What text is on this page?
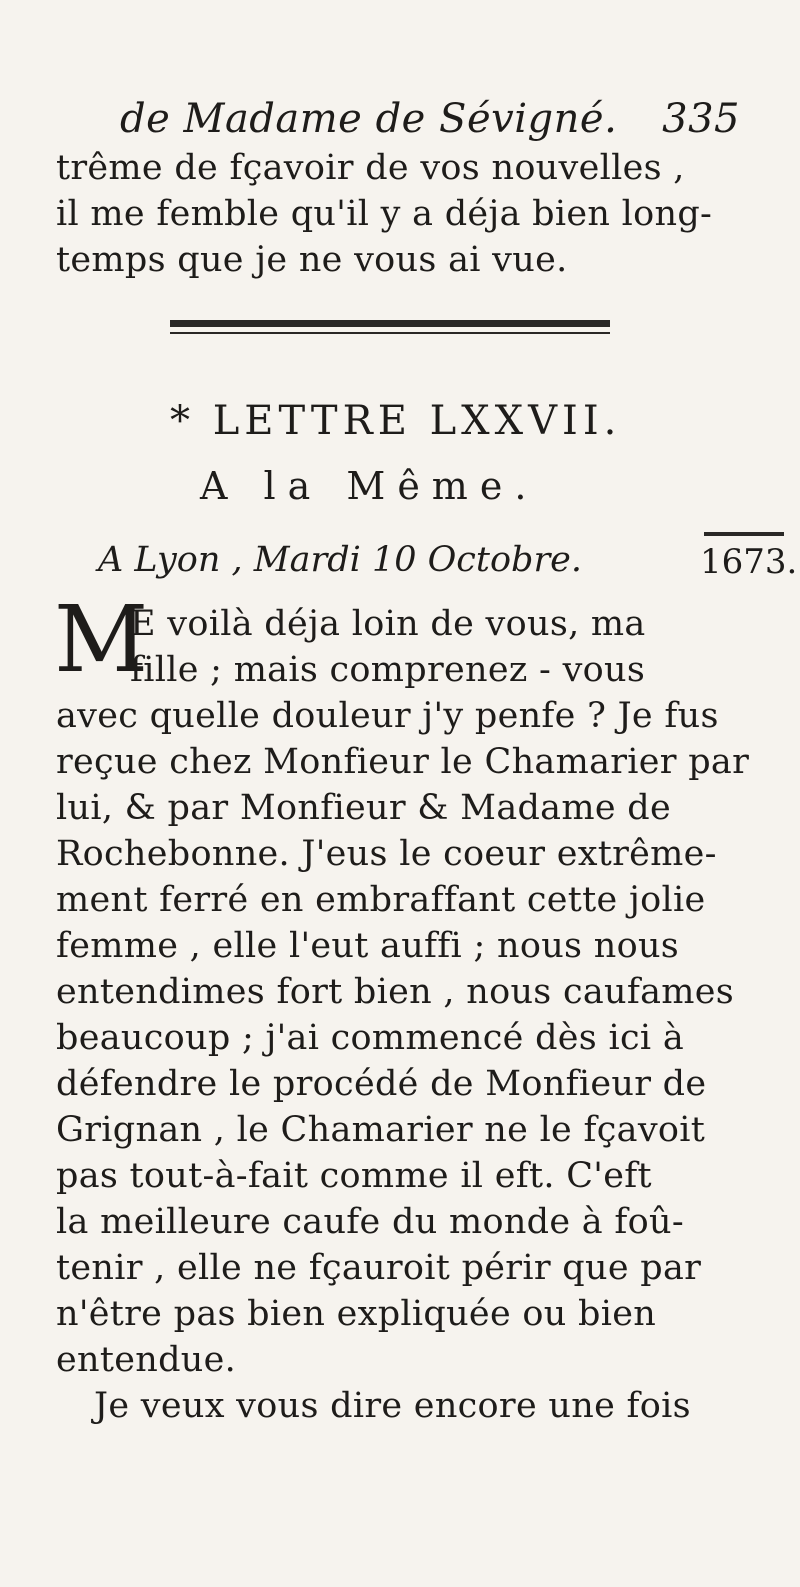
de Madame de Sévigné. 335
trême de fçavoir de vos nouvelles ,
il me femble qu'il y a déja bien long-
temps que je ne vous ai vue.
* LETTRE LXXVII.
A la Même.
A Lyon , Mardi 10 Octobre.	1673.
M
E voilà déja loin de vous, ma
fille ; mais comprenez - vous
avec quelle douleur j'y penfe ? Je fus
reçue chez Monfieur le Chamarier par
lui, & par Monfieur & Madame de
Rochebonne. J'eus le coeur extrême-
ment ferré en embraffant cette jolie
femme , elle l'eut auffi ; nous nous
entendimes fort bien , nous caufames
beaucoup ; j'ai commencé dès ici à
défendre le procédé de Monfieur de
Grignan , le Chamarier ne le fçavoit
pas tout-à-fait comme il eft. C'eft
la meilleure caufe du monde à foû-
tenir , elle ne fçauroit périr que par
n'être pas bien expliquée ou bien
entendue.
Je veux vous dire encore une fois
